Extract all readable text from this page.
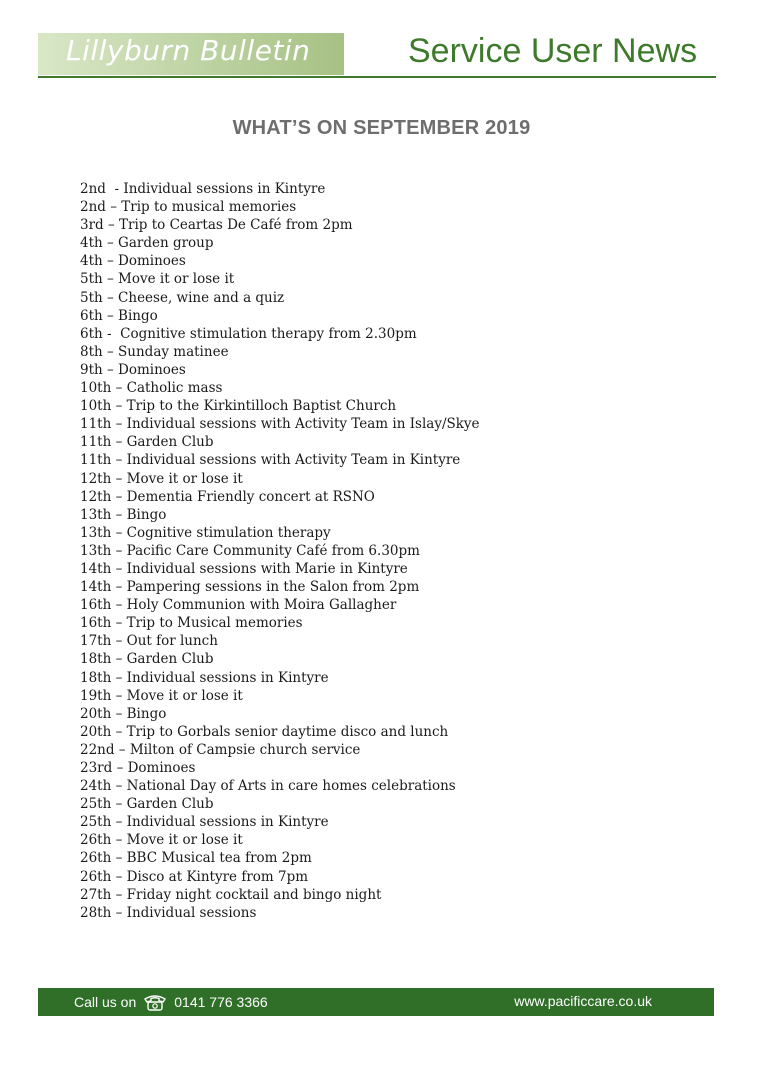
Lillyburn Bulletin	Service User News
WHAT’S ON SEPTEMBER 2019
2nd  - Individual sessions in Kintyre
2nd – Trip to musical memories
3rd – Trip to Ceartas De Café from 2pm
4th – Garden group
4th – Dominoes
5th – Move it or lose it
5th – Cheese, wine and a quiz
6th – Bingo
6th -  Cognitive stimulation therapy from 2.30pm
8th – Sunday matinee
9th – Dominoes
10th – Catholic mass
10th – Trip to the Kirkintilloch Baptist Church
11th – Individual sessions with Activity Team in Islay/Skye
11th – Garden Club
11th – Individual sessions with Activity Team in Kintyre
12th – Move it or lose it
12th – Dementia Friendly concert at RSNO
13th – Bingo
13th – Cognitive stimulation therapy
13th – Pacific Care Community Café from 6.30pm
14th – Individual sessions with Marie in Kintyre
14th – Pampering sessions in the Salon from 2pm
16th – Holy Communion with Moira Gallagher
16th – Trip to Musical memories
17th – Out for lunch
18th – Garden Club
18th – Individual sessions in Kintyre
19th – Move it or lose it
20th – Bingo
20th – Trip to Gorbals senior daytime disco and lunch
22nd – Milton of Campsie church service
23rd – Dominoes
24th – National Day of Arts in care homes celebrations
25th – Garden Club
25th – Individual sessions in Kintyre
26th – Move it or lose it
26th – BBC Musical tea from 2pm
26th – Disco at Kintyre from 7pm
27th – Friday night cocktail and bingo night
28th – Individual sessions
Call us on	0141 776 3366	www.pacificcare.co.uk
